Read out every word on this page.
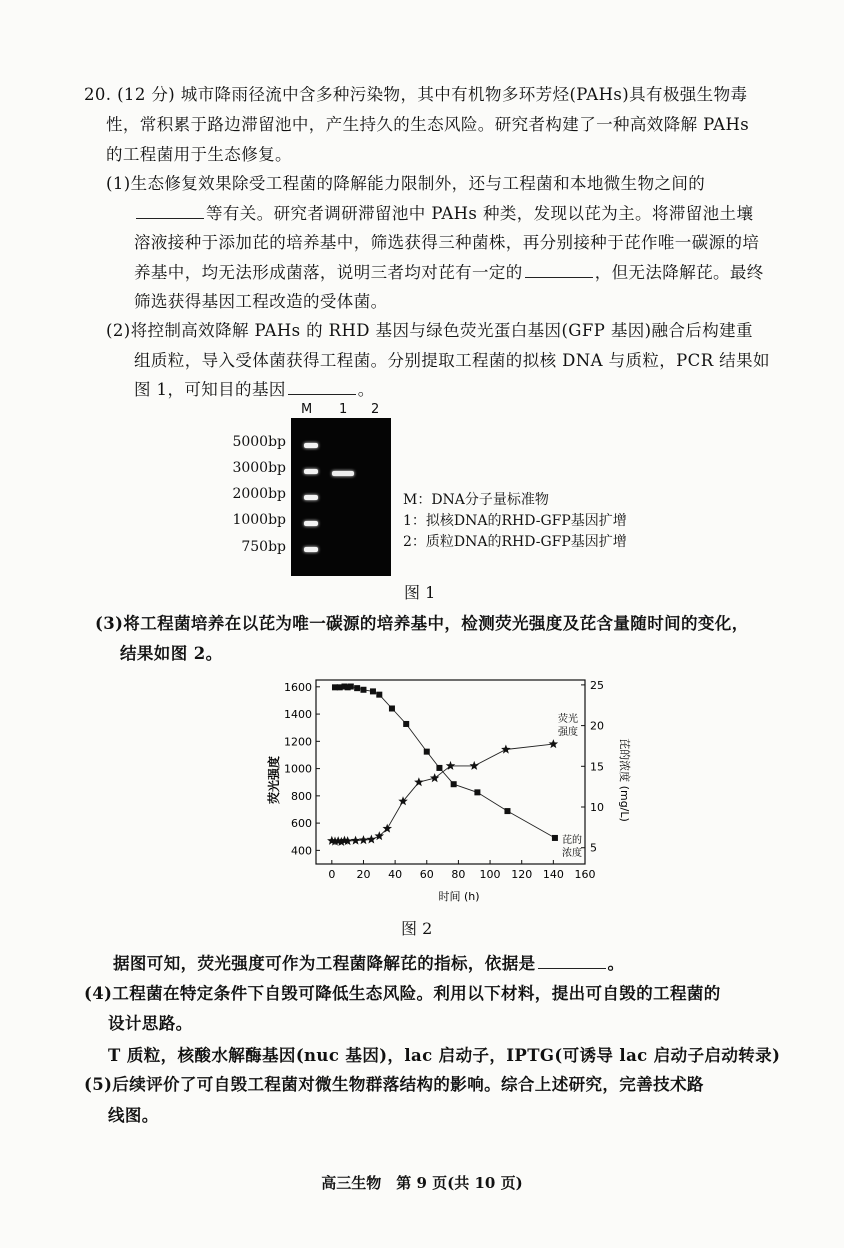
20. (12 分) 城市降雨径流中含多种污染物，其中有机物多环芳烃(PAHs)具有极强生物毒
性，常积累于路边滞留池中，产生持久的生态风险。研究者构建了一种高效降解 PAHs
的工程菌用于生态修复。
(1)生态修复效果除受工程菌的降解能力限制外，还与工程菌和本地微生物之间的
等有关。研究者调研滞留池中 PAHs 种类，发现以芘为主。将滞留池土壤
溶液接种于添加芘的培养基中，筛选获得三种菌株，再分别接种于芘作唯一碳源的培
养基中，均无法形成菌落，说明三者均对芘有一定的	，但无法降解芘。最终
筛选获得基因工程改造的受体菌。
(2)将控制高效降解 PAHs 的 RHD 基因与绿色荧光蛋白基因(GFP 基因)融合后构建重
组质粒，导入受体菌获得工程菌。分别提取工程菌的拟核 DNA 与质粒，PCR 结果如
图 1，可知目的基因	。
M 1 2
5000bp
3000bp
2000bp
1000bp
750bp
M：DNA分子量标准物
1：拟核DNA的RHD-GFP基因扩增
2：质粒DNA的RHD-GFP基因扩增
图 1
(3)将工程菌培养在以芘为唯一碳源的培养基中，检测荧光强度及芘含量随时间的变化，
结果如图 2。
0 20 40 60 80 100 120 140 160
400
600
800
1000
1200
1400
1600
5
10
15
20
25
荧光强度	芘的浓度 (mg/L)
时间 (h)
荧光
强度
芘的
浓度
图 2
据图可知，荧光强度可作为工程菌降解芘的指标，依据是	。
(4)工程菌在特定条件下自毁可降低生态风险。利用以下材料，提出可自毁的工程菌的
设计思路。
T 质粒，核酸水解酶基因(nuc 基因)，lac 启动子，IPTG(可诱导 lac 启动子启动转录)
(5)后续评价了可自毁工程菌对微生物群落结构的影响。综合上述研究，完善技术路
线图。
高三生物　第 9 页(共 10 页)
